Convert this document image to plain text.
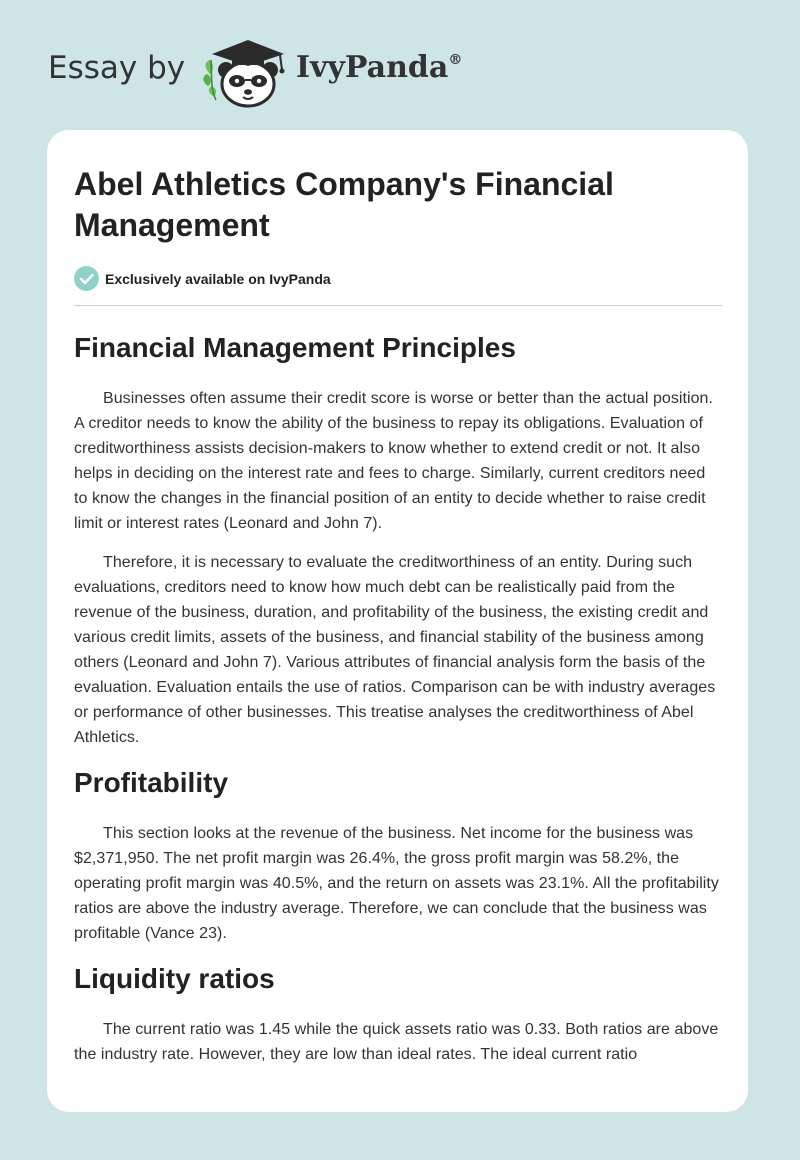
Essay by	IvyPanda®
Abel Athletics Company's Financial Management
Exclusively available on IvyPanda
Financial Management Principles

Businesses often assume their credit score is worse or better than the actual position. A creditor needs to know the ability of the business to repay its obligations. Evaluation of creditworthiness assists decision-makers to know whether to extend credit or not. It also helps in deciding on the interest rate and fees to charge. Similarly, current creditors need to know the changes in the financial position of an entity to decide whether to raise credit limit or interest rates (Leonard and John 7).

Therefore, it is necessary to evaluate the creditworthiness of an entity. During such evaluations, creditors need to know how much debt can be realistically paid from the revenue of the business, duration, and profitability of the business, the existing credit and various credit limits, assets of the business, and financial stability of the business among others (Leonard and John 7). Various attributes of financial analysis form the basis of the evaluation. Evaluation entails the use of ratios. Comparison can be with industry averages or performance of other businesses. This treatise analyses the creditworthiness of Abel Athletics.

Profitability

This section looks at the revenue of the business. Net income for the business was $2,371,950. The net profit margin was 26.4%, the gross profit margin was 58.2%, the operating profit margin was 40.5%, and the return on assets was 23.1%. All the profitability ratios are above the industry average. Therefore, we can conclude that the business was profitable (Vance 23).

Liquidity ratios

The current ratio was 1.45 while the quick assets ratio was 0.33. Both ratios are above the industry rate. However, they are low than ideal rates. The ideal current ratio
